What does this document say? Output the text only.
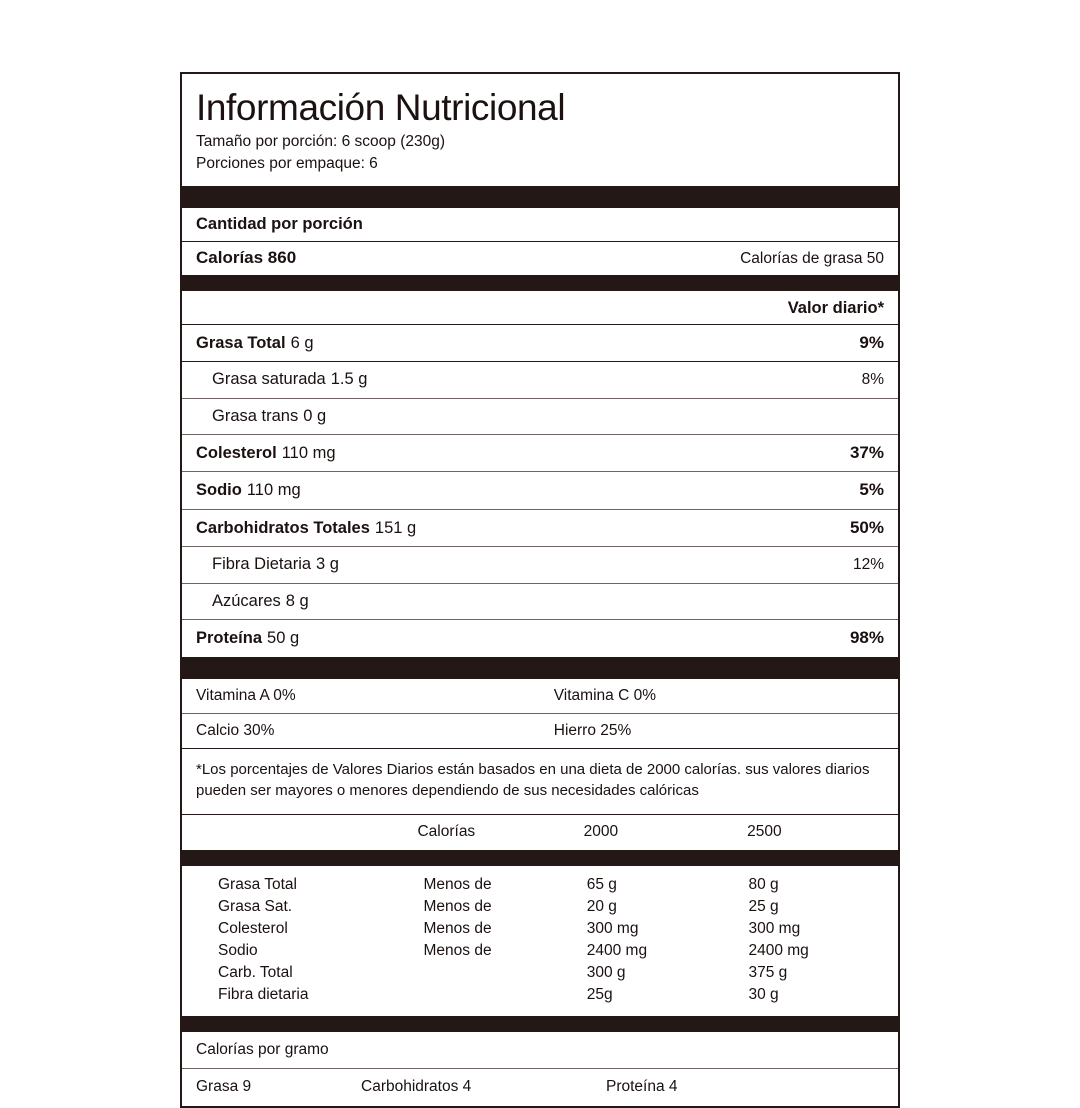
Información Nutricional
Tamaño por porción: 6 scoop (230g)
Porciones por empaque: 6
Cantidad por porción
Calorías 860	Calorías de grasa 50
Valor diario*
Grasa Total 6 g	9%
Grasa saturada 1.5 g	8%
Grasa trans 0 g
Colesterol 110 mg	37%
Sodio 110 mg	5%
Carbohidratos Totales 151 g	50%
Fibra Dietaria 3 g	12%
Azúcares 8 g
Proteína 50 g	98%
Vitamina A 0%	Vitamina C 0%
Calcio 30%	Hierro 25%
*Los porcentajes de Valores Diarios están basados en una dieta de 2000 calorías. sus valores diarios pueden ser mayores o menores dependiendo de sus necesidades calóricas
	Calorías	2000	2500
Grasa Total	Menos de	65 g	80 g
Grasa Sat.	Menos de	20 g	25 g
Colesterol	Menos de	300 mg	300 mg
Sodio	Menos de	2400 mg	2400 mg
Carb. Total		300 g	375 g
Fibra dietaria		25g	30 g
Calorías por gramo
Grasa 9	Carbohidratos 4	Proteína 4
